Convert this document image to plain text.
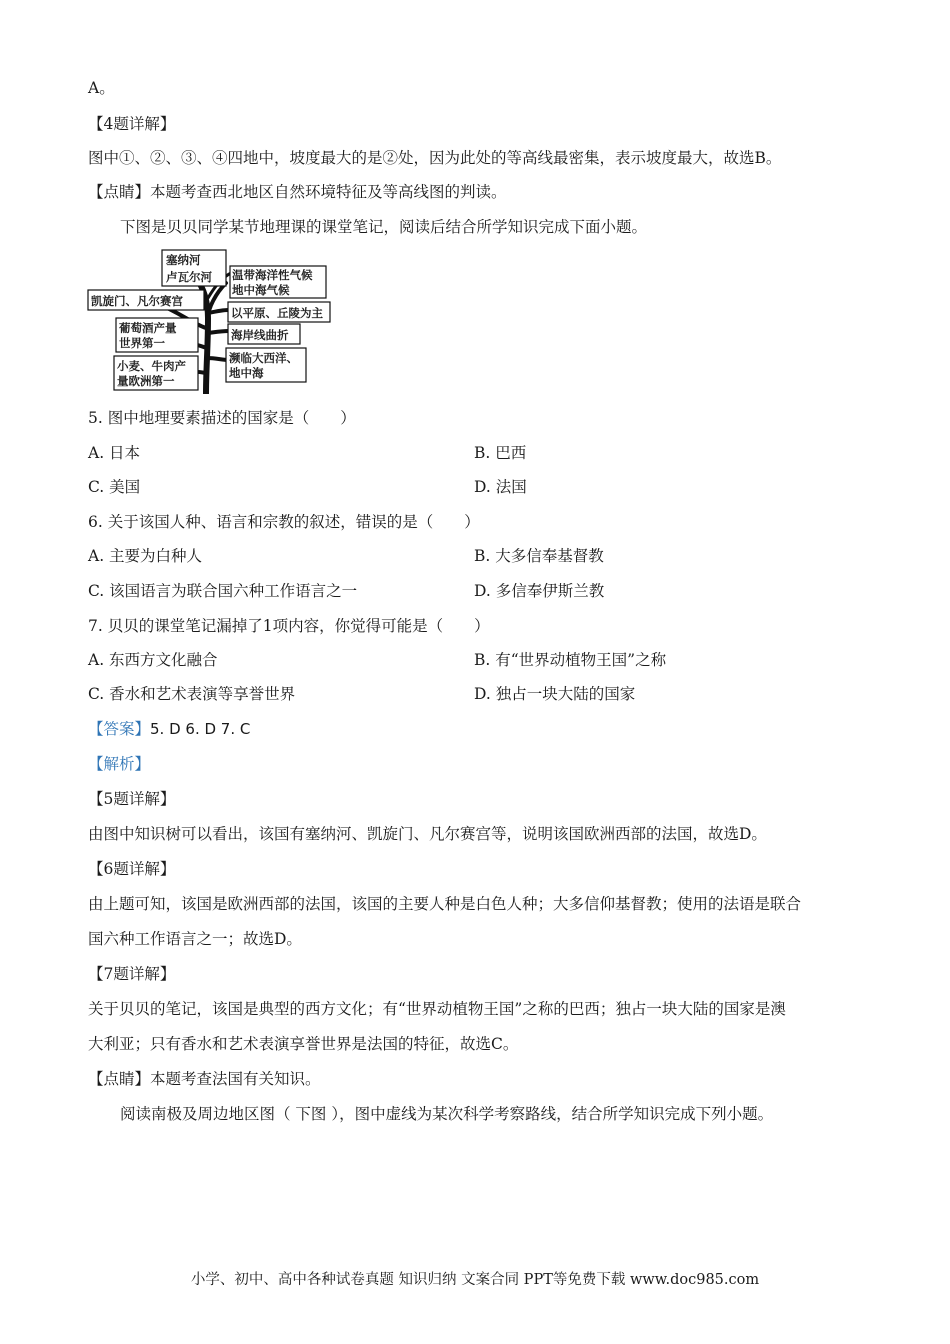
A。
【4题详解】
图中①、②、③、④四地中，坡度最大的是②处，因为此处的等高线最密集，表示坡度最大，故选B。
【点睛】本题考查西北地区自然环境特征及等高线图的判读。
下图是贝贝同学某节地理课的课堂笔记，阅读后结合所学知识完成下面小题。
塞纳河
卢瓦尔河 温带海洋性气候
地中海气候
凯旋门、凡尔赛宫
以平原、丘陵为主
葡萄酒产量
世界第一
海岸线曲折
濒临大西洋、
地中海
小麦、牛肉产
量欧洲第一
5. 图中地理要素描述的国家是（　　）
A. 日本	B. 巴西
C. 美国	D. 法国
6. 关于该国人种、语言和宗教的叙述，错误的是（　　）
A. 主要为白种人	B. 大多信奉基督教
C. 该国语言为联合国六种工作语言之一	D. 多信奉伊斯兰教
7. 贝贝的课堂笔记漏掉了1项内容，你觉得可能是（　　）
A. 东西方文化融合	B. 有“世界动植物王国”之称
C. 香水和艺术表演等享誉世界	D. 独占一块大陆的国家
【答案】5. D 6. D 7. C
【解析】
【5题详解】
由图中知识树可以看出，该国有塞纳河、凯旋门、凡尔赛宫等，说明该国欧洲西部的法国，故选D。
【6题详解】
由上题可知，该国是欧洲西部的法国，该国的主要人种是白色人种；大多信仰基督教；使用的法语是联合
国六种工作语言之一；故选D。
【7题详解】
关于贝贝的笔记，该国是典型的西方文化；有“世界动植物王国”之称的巴西；独占一块大陆的国家是澳
大利亚；只有香水和艺术表演享誉世界是法国的特征，故选C。
【点睛】本题考查法国有关知识。
阅读南极及周边地区图（ 下图 ），图中虚线为某次科学考察路线，结合所学知识完成下列小题。
小学、初中、高中各种试卷真题 知识归纳 文案合同 PPT等免费下载 www.doc985.com
